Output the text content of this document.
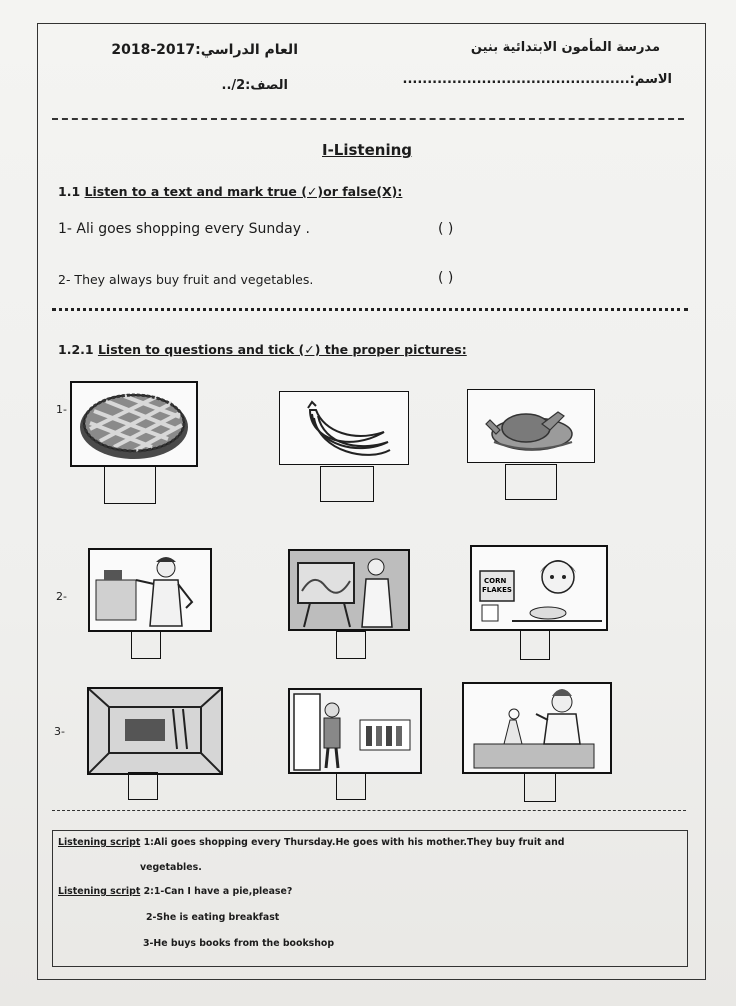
مدرسة المأمون الابتدائية بنين
العام الدراسي:2017-2018
الاسم:..............................................
الصف:2/..
I-Listening
1.1 Listen to a text and mark true (✓)or false(X):
1- Ali goes shopping every Sunday .	( )
2- They always buy fruit and vegetables.	( )
1.2.1 Listen to questions and tick (✓) the proper pictures:
1-
2-
CORN
FLAKES
3-
Listening script 1:Ali goes shopping every Thursday.He goes with his mother.They buy fruit and
vegetables.
Listening script 2:1-Can I have a pie,please?
2-She is eating breakfast
3-He buys books from the bookshop
